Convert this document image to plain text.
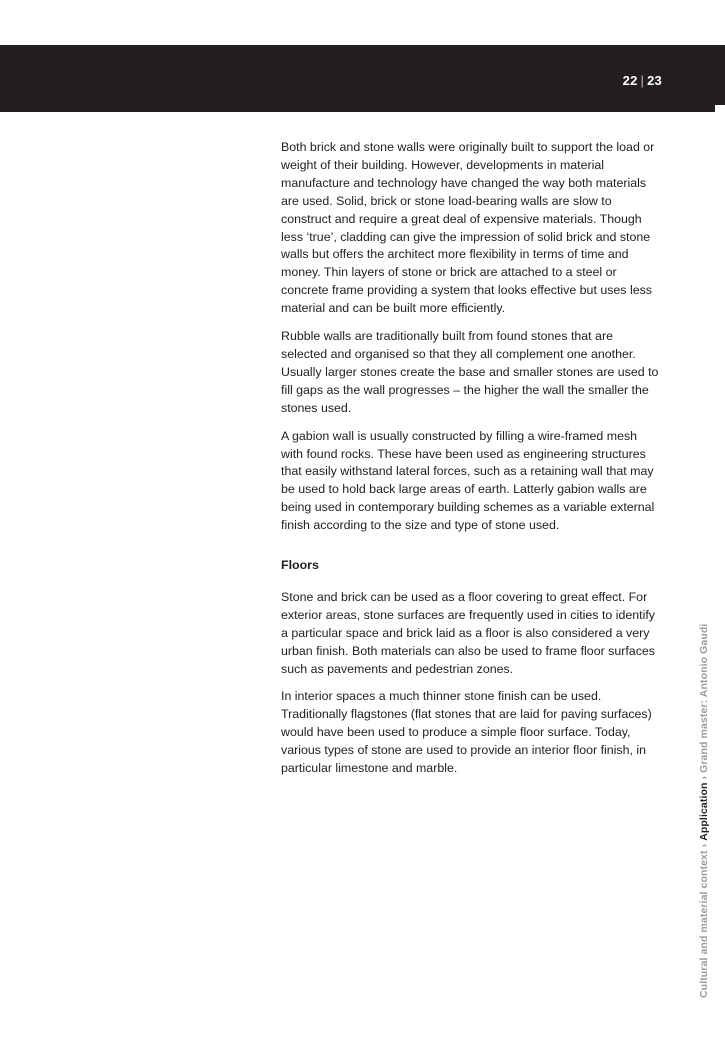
22 | 23

Both brick and stone walls were originally built to support the load or weight of their building. However, developments in material manufacture and technology have changed the way both materials are used. Solid, brick or stone load-bearing walls are slow to construct and require a great deal of expensive materials. Though less ‘true’, cladding can give the impression of solid brick and stone walls but offers the architect more flexibility in terms of time and money. Thin layers of stone or brick are attached to a steel or concrete frame providing a system that looks effective but uses less material and can be built more efficiently.

Rubble walls are traditionally built from found stones that are selected and organised so that they all complement one another. Usually larger stones create the base and smaller stones are used to fill gaps as the wall progresses – the higher the wall the smaller the stones used.

A gabion wall is usually constructed by filling a wire-framed mesh with found rocks. These have been used as engineering structures that easily withstand lateral forces, such as a retaining wall that may be used to hold back large areas of earth. Latterly gabion walls are being used in contemporary building schemes as a variable external finish according to the size and type of stone used.

Floors

Stone and brick can be used as a floor covering to great effect. For exterior areas, stone surfaces are frequently used in cities to identify a particular space and brick laid as a floor is also considered a very urban finish. Both materials can also be used to frame floor surfaces such as pavements and pedestrian zones.

In interior spaces a much thinner stone finish can be used. Traditionally flagstones (flat stones that are laid for paving surfaces) would have been used to produce a simple floor surface. Today, various types of stone are used to provide an interior floor finish, in particular limestone and marble.

Cultural and material context›Application›Grand master: Antonio Gaudi
